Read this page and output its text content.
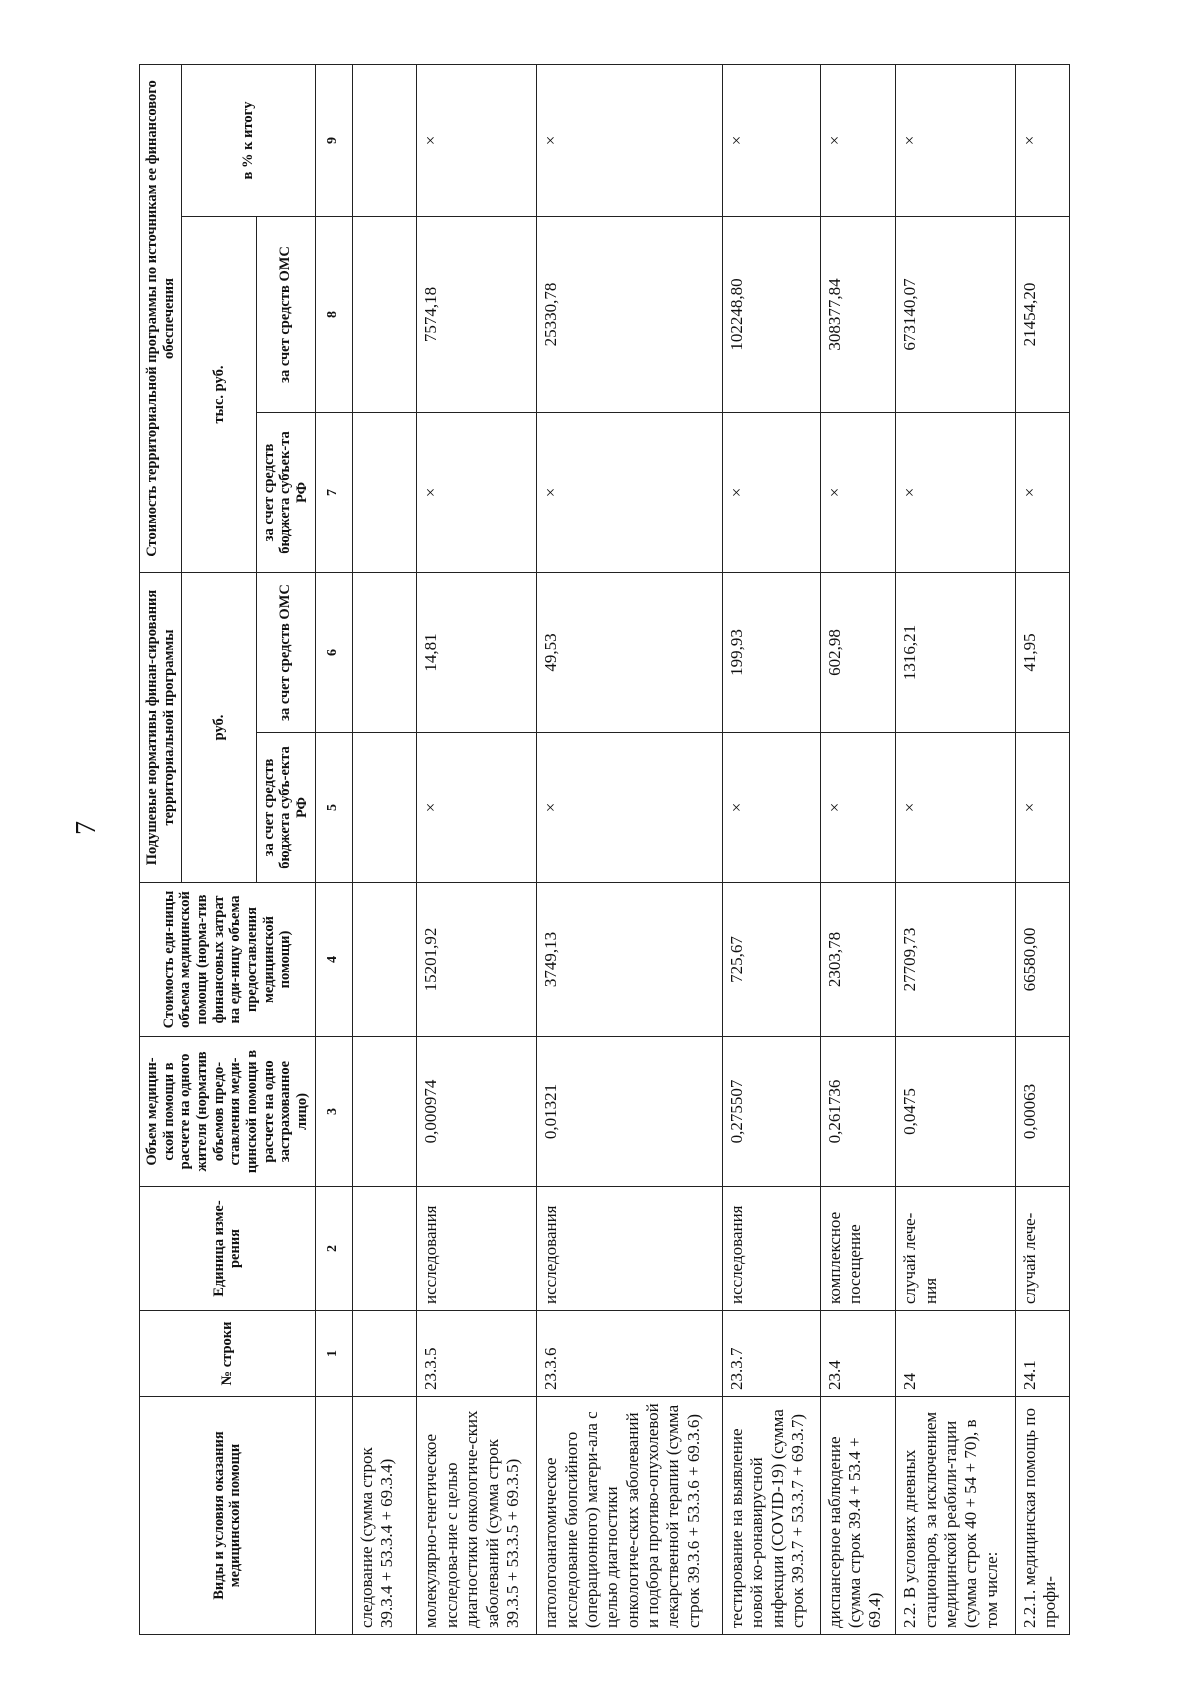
7
Виды и условия оказания медицинской помощи	№ строки	Единица изме-рения	Объем медицин-ской помощи в расчете на одного жителя (норматив объемов предо-ставления меди-цинской помощи в расчете на одно застрахованное лицо)	Стоимость еди-ницы объема медицинской помощи (норма-тив финансовых затрат на еди-ницу объема предоставления медицинской помощи)	Подушевые нормативы финан-сирования территориальной программы		Стоимость территориальной программы по источникам ее финансового обеспечения		
					руб.		тыс. руб.		в % к итогу
					за счет средств бюджета субъ-екта РФ	за счет средств ОМС	за счет средств бюджета субъек-та РФ	за счет средств ОМС	
	1	2	3	4	5	6	7	8	9
следование (сумма строк 39.3.4 + 53.3.4 + 69.3.4)									
молекулярно-генетическое исследова-ние с целью диагностики онкологиче-ских заболеваний (сумма строк 39.3.5 + 53.3.5 + 69.3.5)	23.3.5	исследования	0,000974	15201,92	×	14,81	×	7574,18	×
патологоанатомическое исследование биопсийного (операционного) матери-ала с целью диагностики онкологиче-ских заболеваний и подбора противо-опухолевой лекарственной терапии (сумма строк 39.3.6 + 53.3.6 + 69.3.6)	23.3.6	исследования	0,01321	3749,13	×	49,53	×	25330,78	×
тестирование на выявление новой ко-ронавирусной инфекции (COVID-19) (сумма строк 39.3.7 + 53.3.7 + 69.3.7)	23.3.7	исследования	0,275507	725,67	×	199,93	×	102248,80	×
диспансерное наблюдение (сумма строк 39.4 + 53.4 + 69.4)	23.4	комплексное посещение	0,261736	2303,78	×	602,98	×	308377,84	×
2.2. В условиях дневных стационаров, за исключением медицинской реабили-тации (сумма строк 40 + 54 + 70), в том числе:	24	случай лече-ния	0,0475	27709,73	×	1316,21	×	673140,07	×
2.2.1. медицинская помощь по профи-	24.1	случай лече-	0,00063	66580,00	×	41,95	×	21454,20	×
